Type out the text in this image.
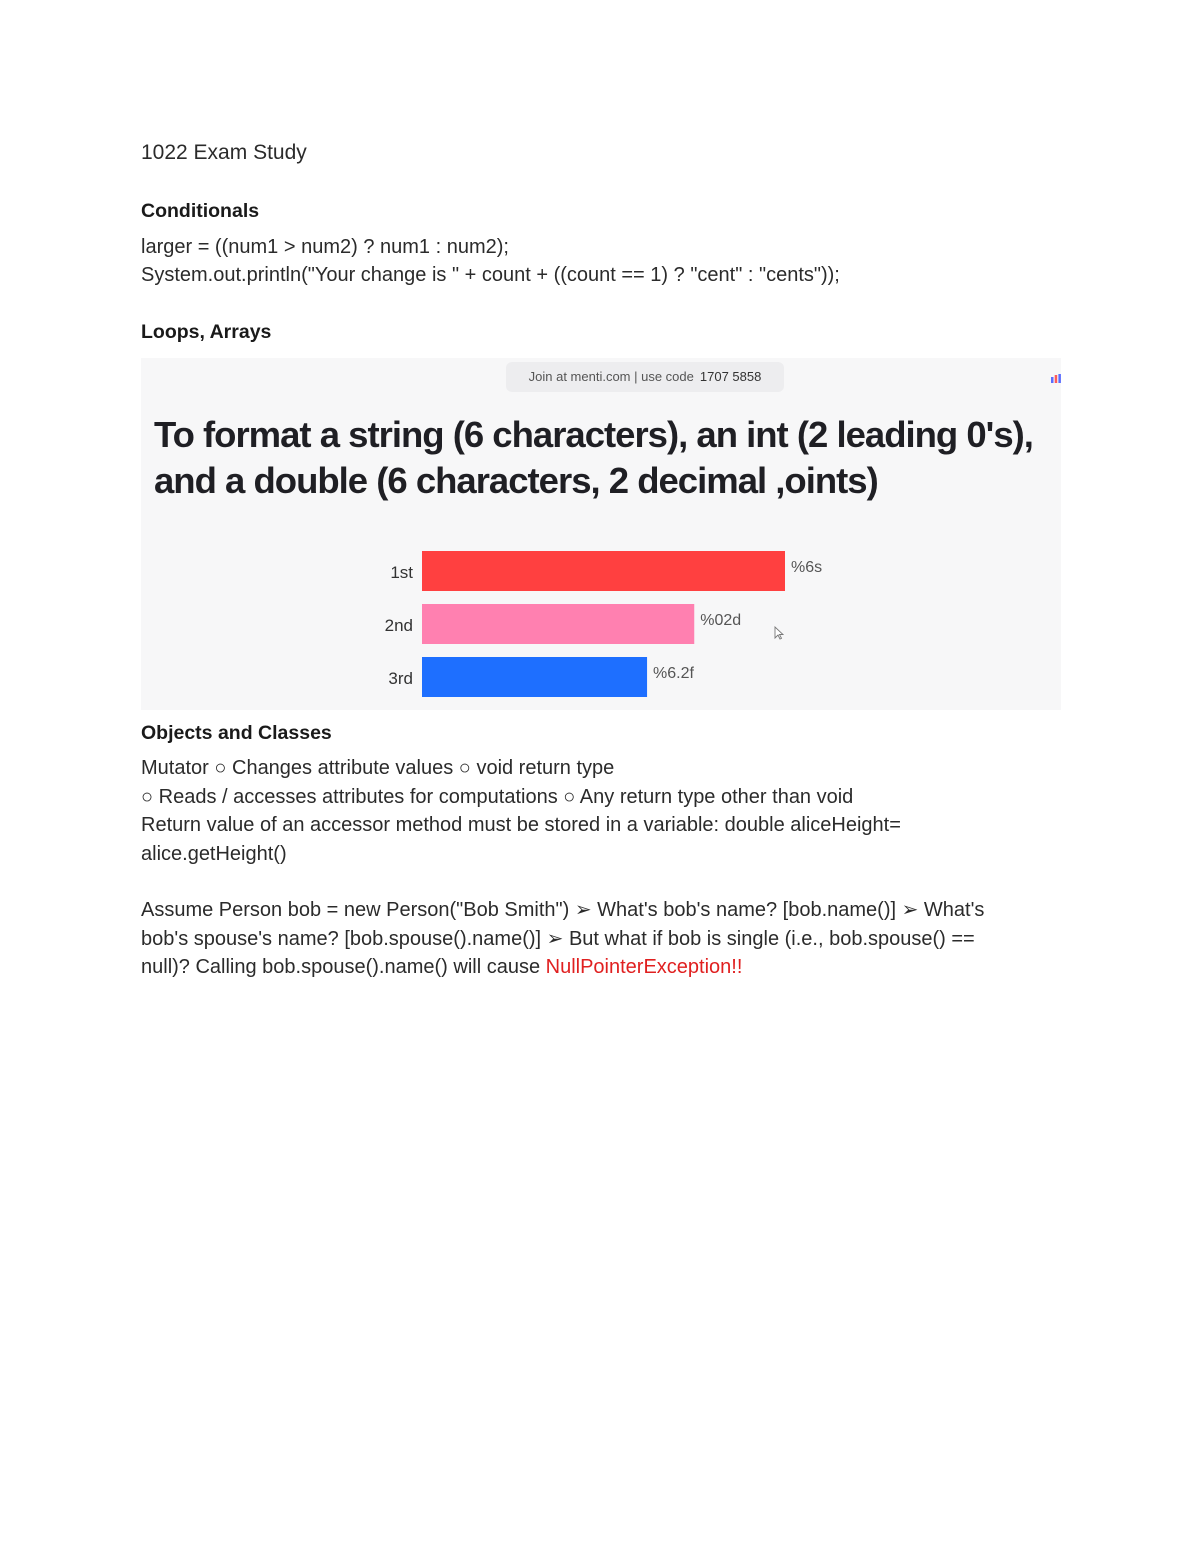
1022 Exam Study
Conditionals
larger = ((num1 > num2) ? num1 : num2);
System.out.println("Your change is " + count + ((count == 1) ? "cent" : "cents"));
Loops, Arrays
Join at menti.com | use code 1707 5858
To format a string (6 characters), an int (2 leading 0's), and a double (6 characters, 2 decimal ,oints)
1st	%6s
2nd	%02d
3rd	%6.2f
Objects and Classes

Mutator ○ Changes attribute values ○ void return type

○ Reads / accesses attributes for computations ○ Any return type other than void

Return value of an accessor method must be stored in a variable: double aliceHeight= alice.getHeight()

Assume Person bob = new Person("Bob Smith") ➢ What's bob's name? [bob.name()] ➢ What's bob's spouse's name? [bob.spouse().name()] ➢ But what if bob is single (i.e., bob.spouse() == null)? Calling bob.spouse().name() will cause NullPointerException!!
